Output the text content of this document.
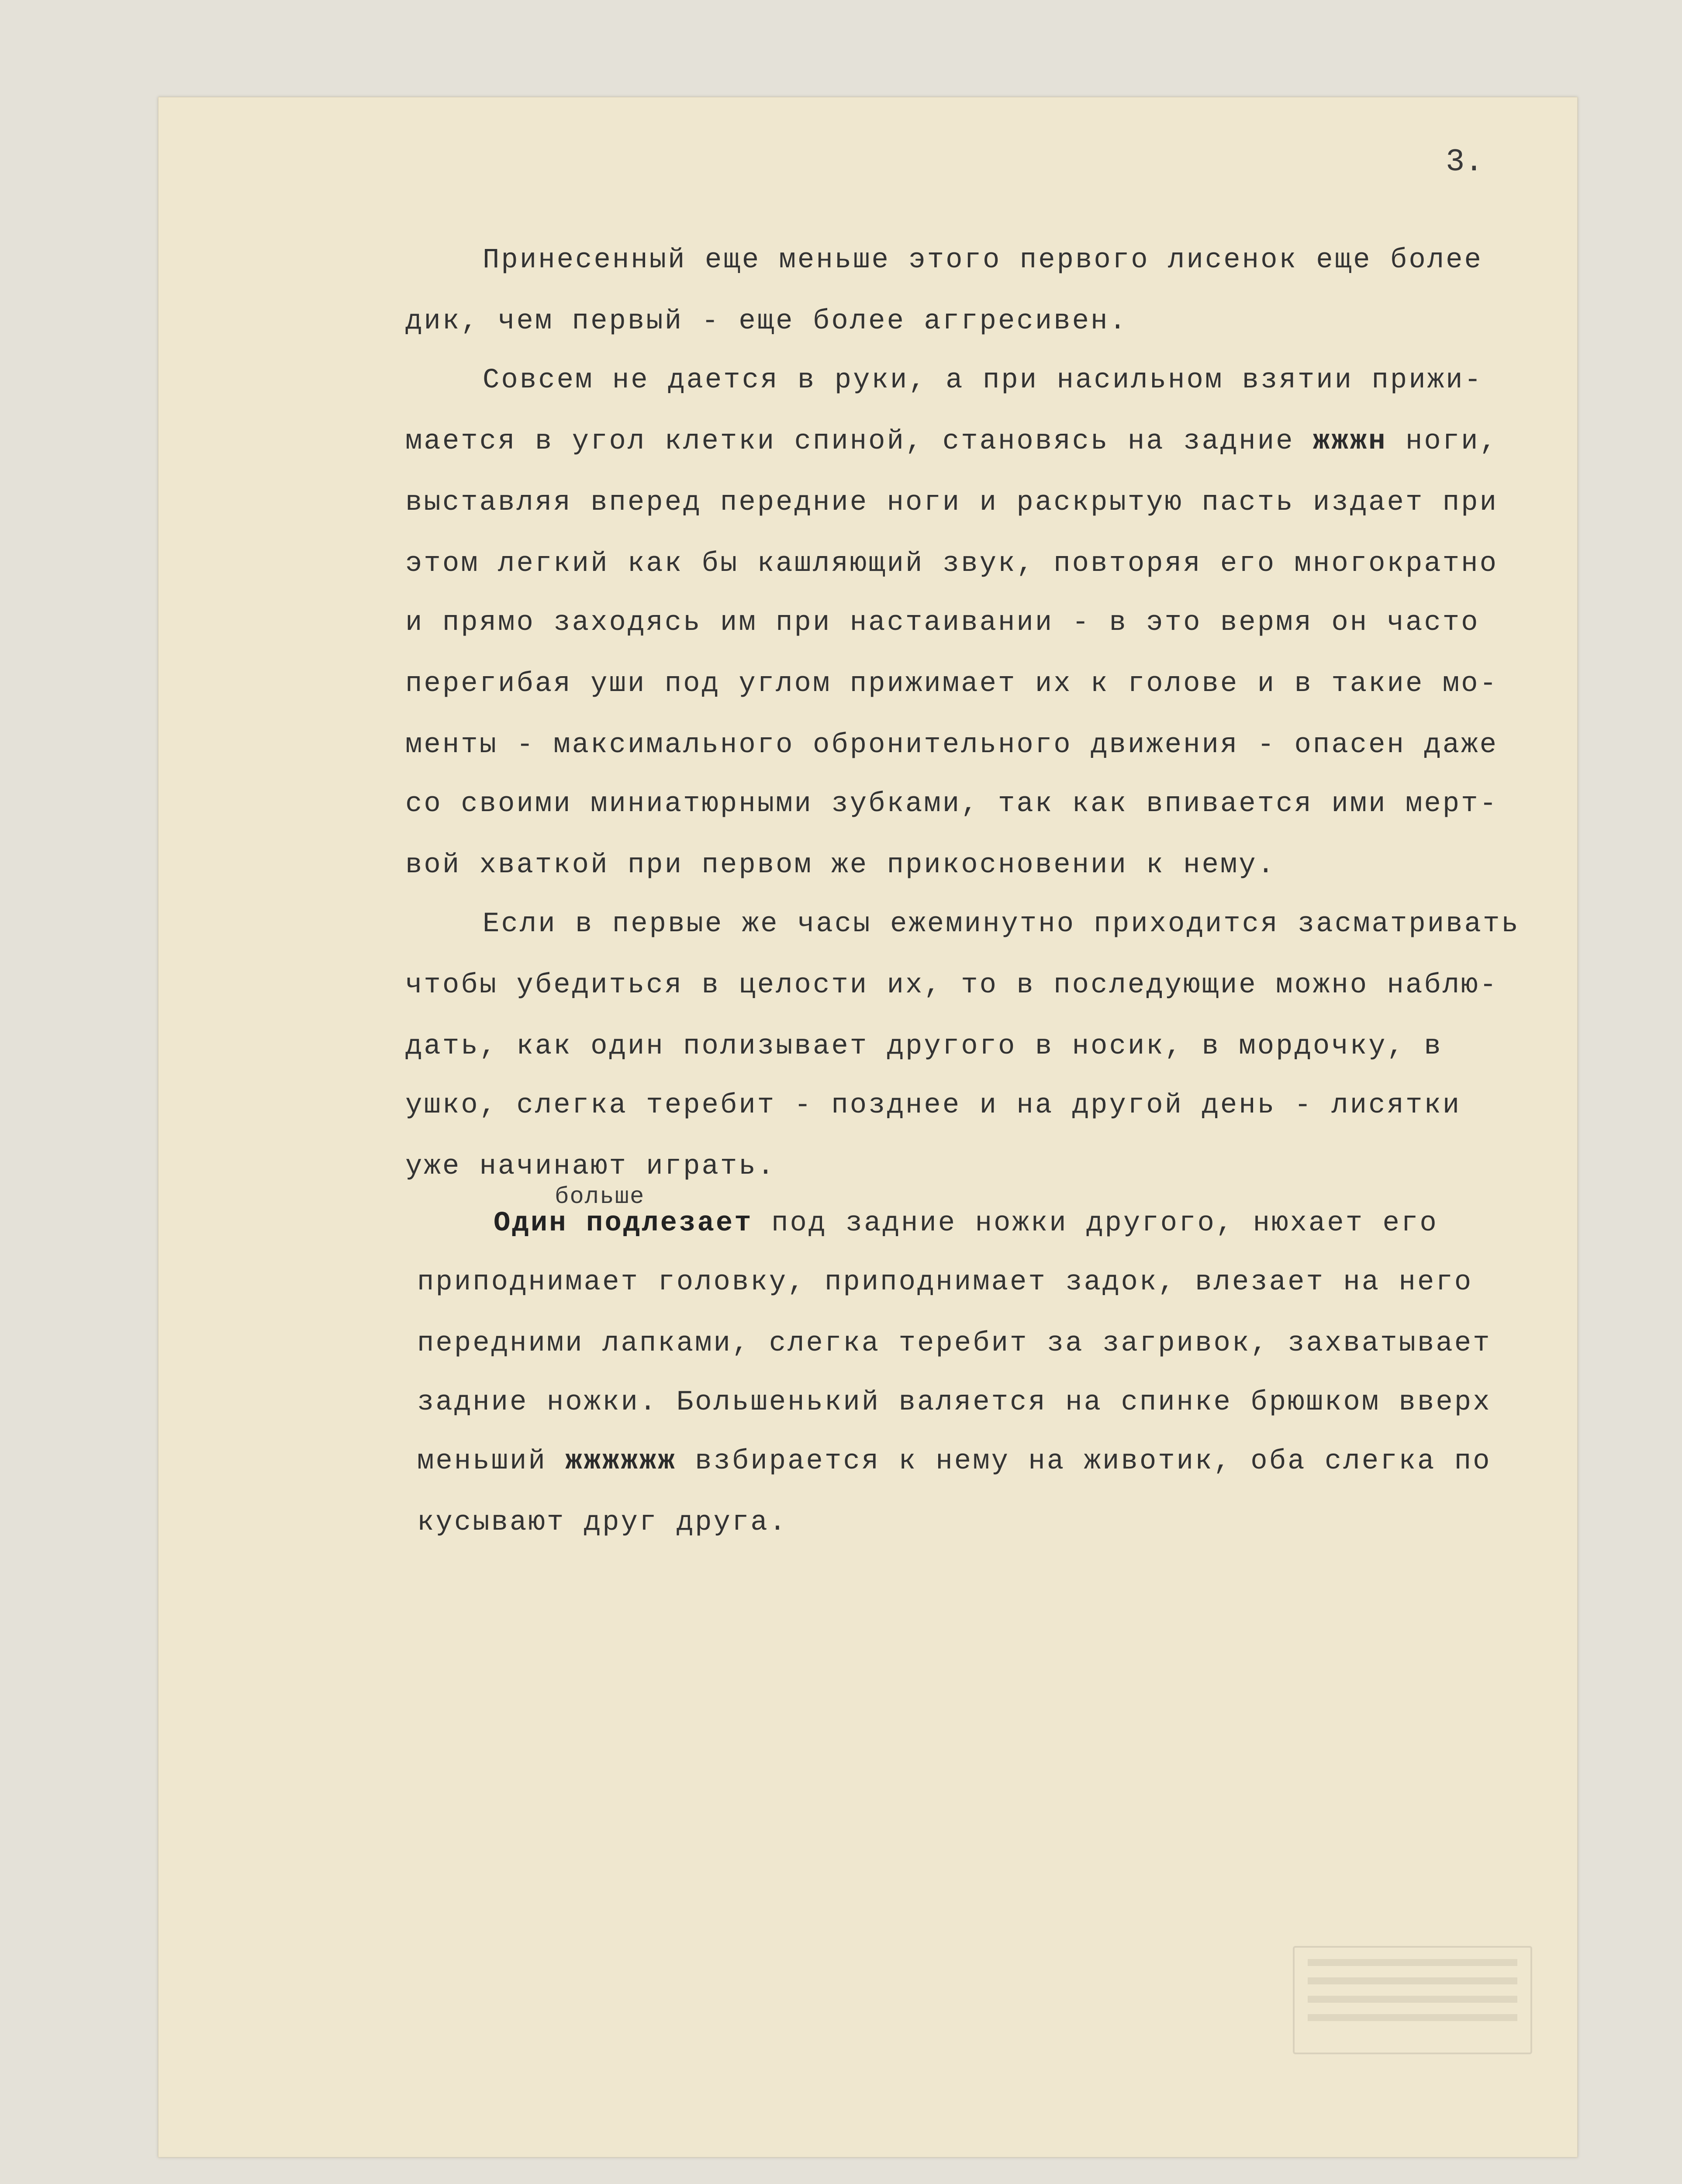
3.
Принесенный еще меньше этого первого лисенок еще более
дик, чем первый - еще более аггресивен.
Совсем не дается в руки, а при насильном взятии прижи-
мается в угол клетки спиной, становясь на задние жжжн ноги,
выставляя вперед передние ноги и раскрытую пасть издает при
этом легкий как бы кашляющий звук, повторяя его многократно
и прямо заходясь им при настаивании - в это вермя он часто
перегибая уши под углом прижимает их к голове и в такие мо-
менты - максимального обронительного движения - опасен даже
со своими миниатюрными зубками, так как впивается ими мерт-
вой хваткой при первом же прикосновении к нему.
Если в первые же часы ежеминутно приходится засматривать
чтобы убедиться в целости их, то в последующие можно наблю-
дать, как один полизывает другого в носик, в мордочку, в
ушко, слегка теребит - позднее и на другой день - лисятки
уже начинают играть.
больше
Один подлезает под задние ножки другого, нюхает его
приподнимает головку, приподнимает задок, влезает на него
передними лапками, слегка теребит за загривок, захватывает
задние ножки. Большенький валяется на спинке брюшком вверх
меньший жжжжжж взбирается к нему на животик, оба слегка по
кусывают друг друга.
